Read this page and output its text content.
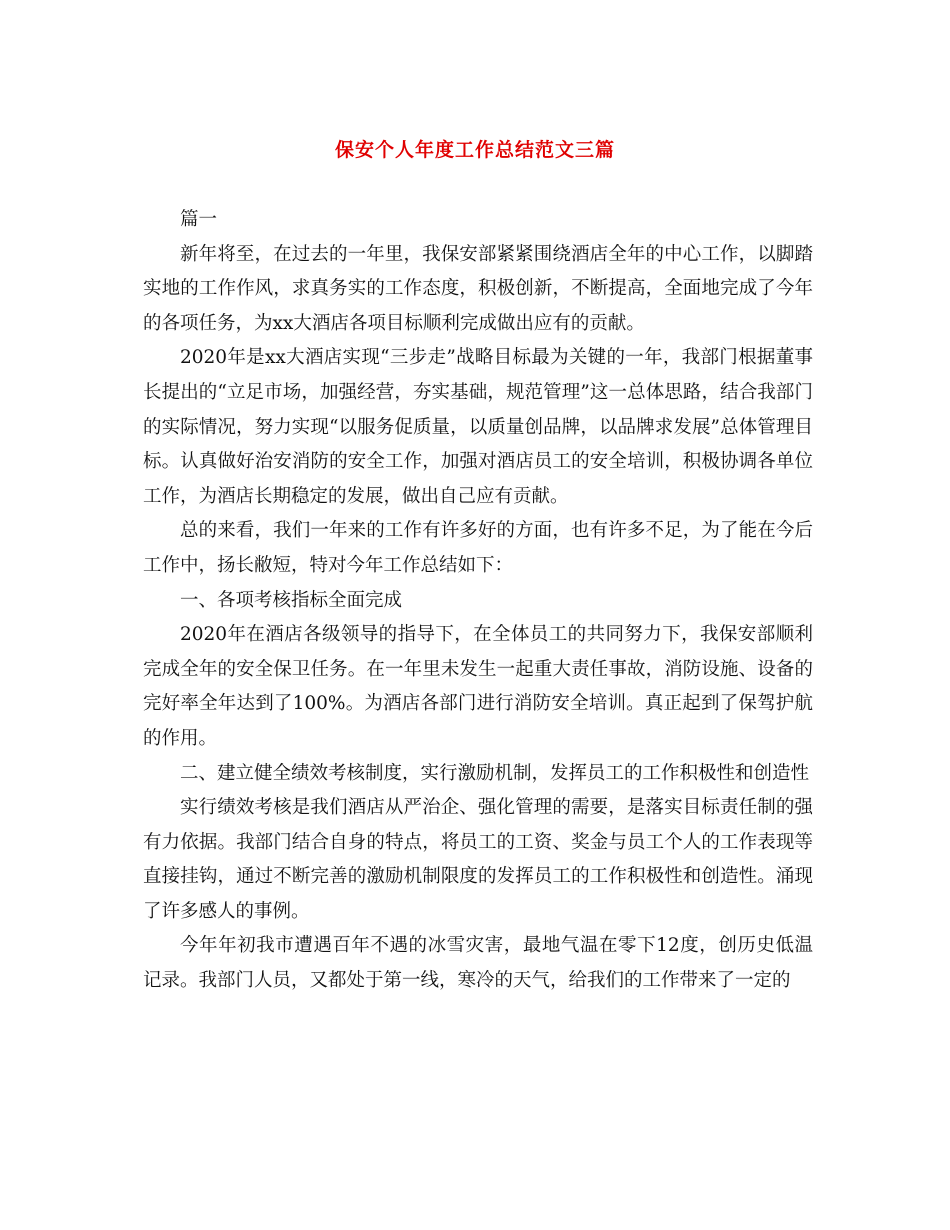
保安个人年度工作总结范文三篇

篇一

新年将至，在过去的一年里，我保安部紧紧围绕酒店全年的中心工作，以脚踏实地的工作作风，求真务实的工作态度，积极创新，不断提高，全面地完成了今年的各项任务，为xx大酒店各项目标顺利完成做出应有的贡献。

2020年是xx大酒店实现“三步走”战略目标最为关键的一年，我部门根据董事长提出的“立足市场，加强经营，夯实基础，规范管理”这一总体思路，结合我部门的实际情况，努力实现“以服务促质量，以质量创品牌，以品牌求发展”总体管理目标。认真做好治安消防的安全工作，加强对酒店员工的安全培训，积极协调各单位工作，为酒店长期稳定的发展，做出自己应有贡献。

总的来看，我们一年来的工作有许多好的方面，也有许多不足，为了能在今后工作中，扬长敝短，特对今年工作总结如下：

一、各项考核指标全面完成

2020年在酒店各级领导的指导下，在全体员工的共同努力下，我保安部顺利完成全年的安全保卫任务。在一年里未发生一起重大责任事故，消防设施、设备的完好率全年达到了100%。为酒店各部门进行消防安全培训。真正起到了保驾护航的作用。

二、建立健全绩效考核制度，实行激励机制，发挥员工的工作积极性和创造性

实行绩效考核是我们酒店从严治企、强化管理的需要，是落实目标责任制的强有力依据。我部门结合自身的特点，将员工的工资、奖金与员工个人的工作表现等直接挂钩，通过不断完善的激励机制限度的发挥员工的工作积极性和创造性。涌现了许多感人的事例。

今年年初我市遭遇百年不遇的冰雪灾害，最地气温在零下12度，创历史低温记录。我部门人员，又都处于第一线，寒冷的天气，给我们的工作带来了一定的
